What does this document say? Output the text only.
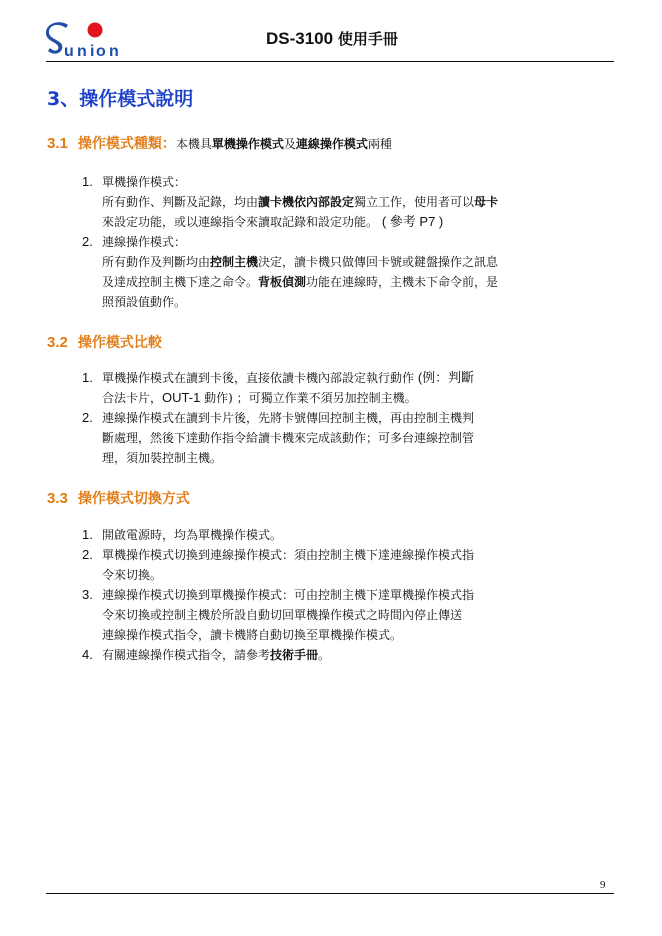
u n i o n
DS-3100 使用手冊
3、操作模式說明
3.1 操作模式種類：本機具單機操作模式及連線操作模式兩種
1. 單機操作模式：
所有動作、判斷及記錄，均由讀卡機依內部設定獨立工作，使用者可以母卡
來設定功能，或以連線指令來讀取記錄和設定功能。 ( 參考 P7 )
2. 連線操作模式：
所有動作及判斷均由控制主機決定，讀卡機只做傳回卡號或鍵盤操作之訊息
及達成控制主機下達之命令。背板偵測功能在連線時，主機未下命令前，是
照預設值動作。
3.2 操作模式比較
1. 單機操作模式在讀到卡後，直接依讀卡機內部設定執行動作 (例：判斷
合法卡片，OUT-1 動作) ；可獨立作業不須另加控制主機。
2. 連線操作模式在讀到卡片後，先將卡號傳回控制主機，再由控制主機判
斷處理，然後下達動作指令給讀卡機來完成該動作；可多台連線控制管
理，須加裝控制主機。
3.3 操作模式切換方式
1. 開啟電源時，均為單機操作模式。
2. 單機操作模式切換到連線操作模式：須由控制主機下達連線操作模式指
令來切換。
3. 連線操作模式切換到單機操作模式：可由控制主機下達單機操作模式指
令來切換或控制主機於所設自動切回單機操作模式之時間內停止傳送
連線操作模式指令，讀卡機將自動切換至單機操作模式。
4. 有關連線操作模式指令，請參考技術手冊。
9
